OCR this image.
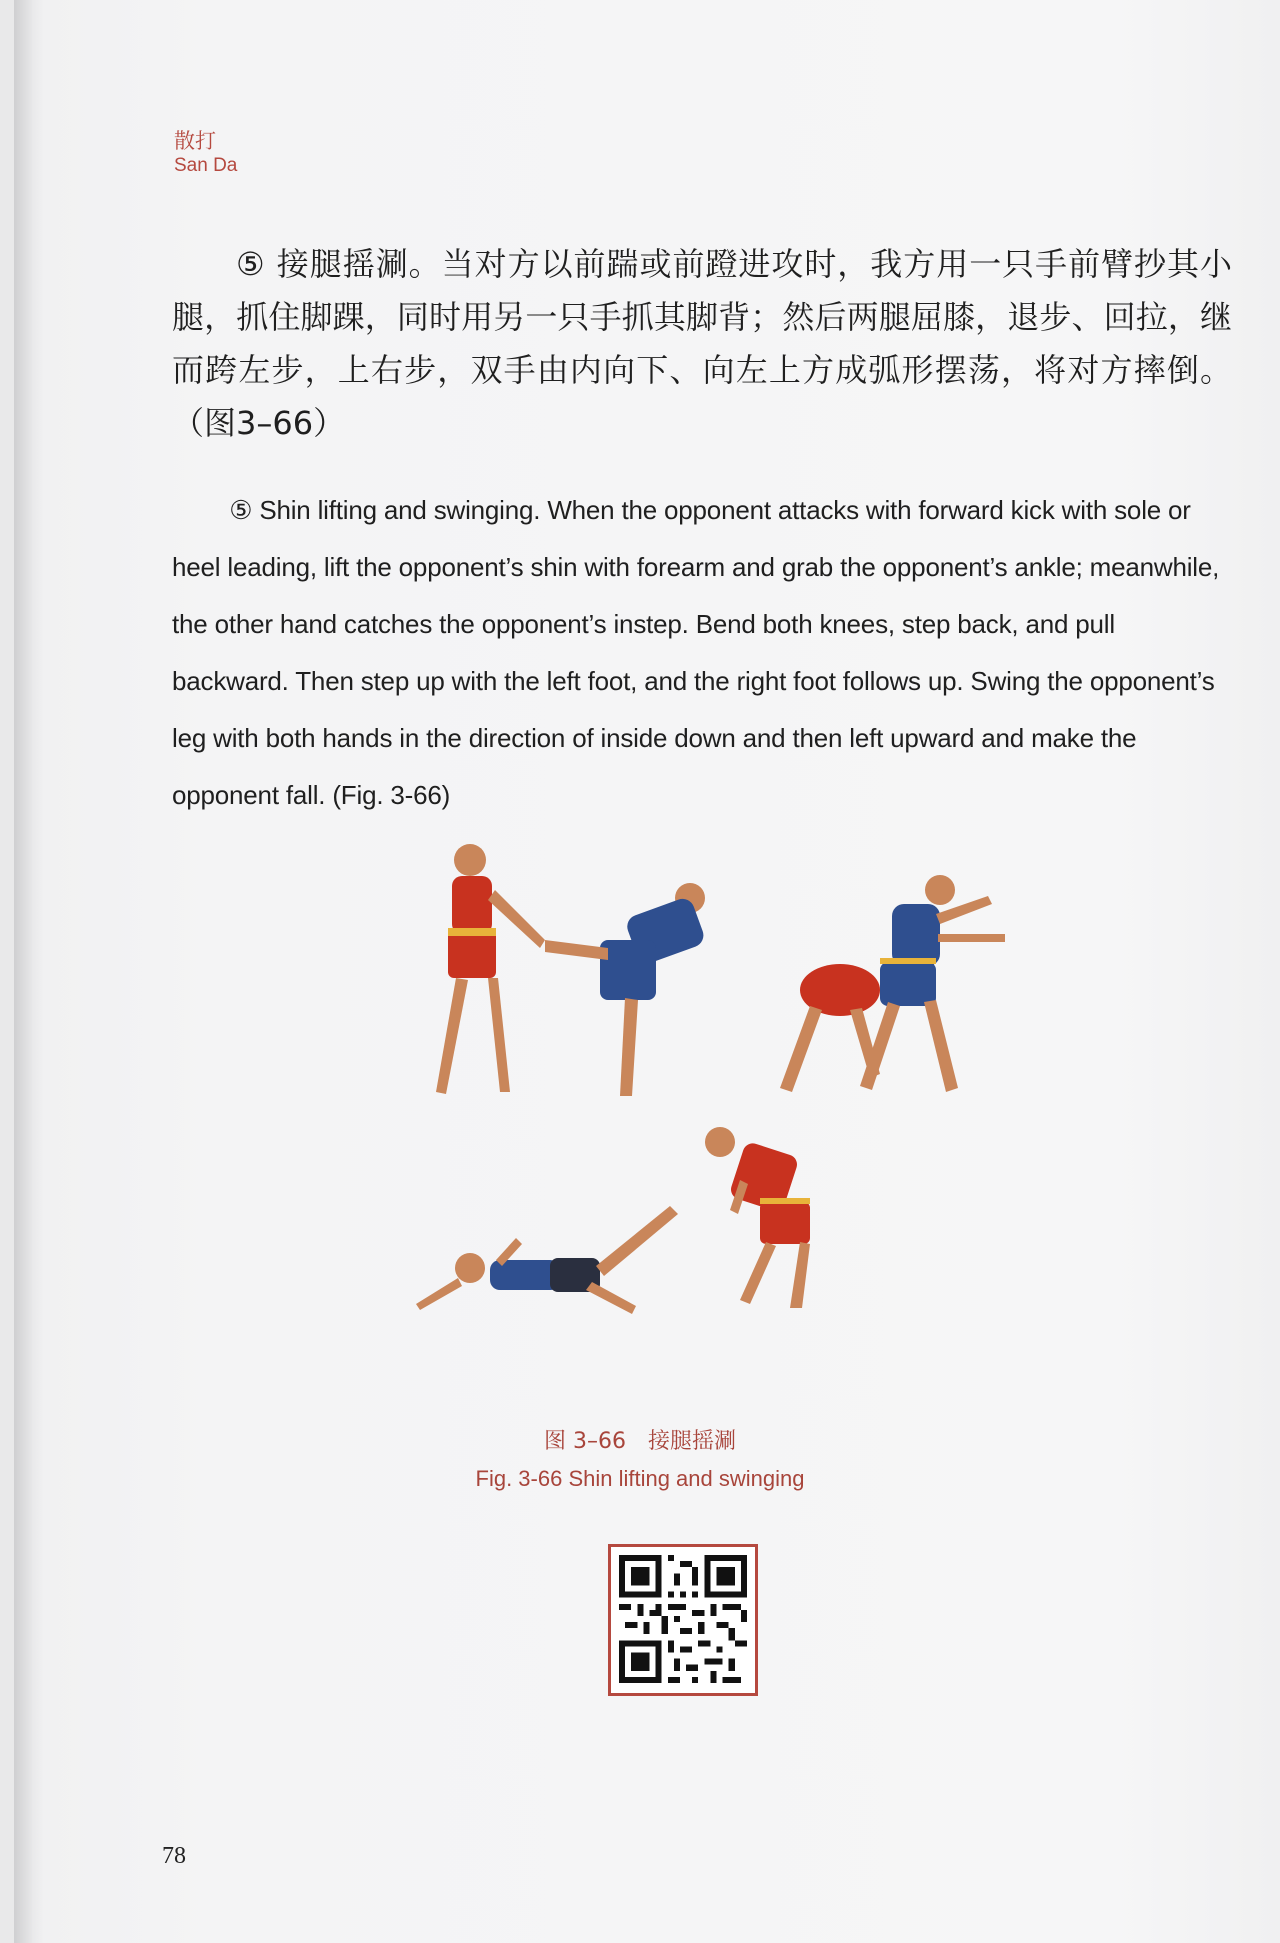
散打
San Da

⑤ 接腿摇涮。当对方以前踹或前蹬进攻时，我方用一只手前臂抄其小腿，抓住脚踝，同时用另一只手抓其脚背；然后两腿屈膝，退步、回拉，继而跨左步，上右步，双手由内向下、向左上方成弧形摆荡，将对方摔倒。（图3–66）

⑤ Shin lifting and swinging. When the opponent attacks with forward kick with sole or heel leading, lift the opponent’s shin with forearm and grab the opponent’s ankle; meanwhile, the other hand catches the opponent’s instep. Bend both knees, step back, and pull backward. Then step up with the left foot, and the right foot follows up. Swing the opponent’s leg with both hands in the direction of inside down and then left upward and make the opponent fall. (Fig. 3-66)

图 3–66　接腿摇涮
Fig. 3-66 Shin lifting and swinging
78
